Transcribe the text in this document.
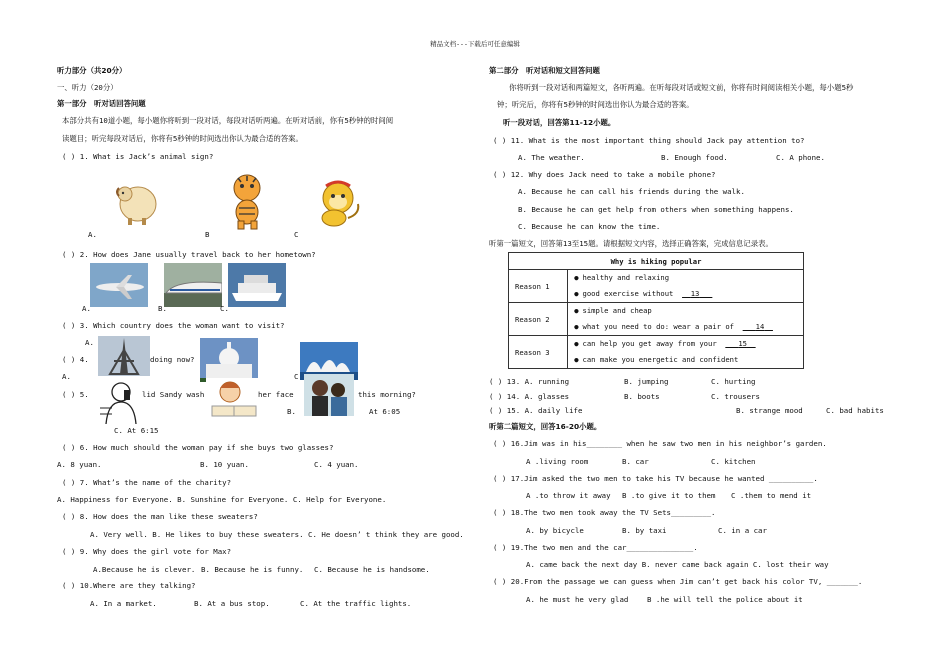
精品文档---下载后可任意编辑
听力部分（共20分）
一、听力（20分）
第一部分　听对话回答问题
本部分共有10道小题，每小题你将听到一段对话，每段对话听两遍。在听对话前，你有5秒钟的时间阅
读题目；听完每段对话后，你将有5秒钟的时间选出你认为最合适的答案。
( ) 1. What is Jack’s animal sign?
A.	B	C
( ) 2. How does Jane usually travel back to her hometown?
A.	B.	C.
( ) 3. Which country does the woman want to visit?
A.
( ) 4.	doing now?
A.	C
( ) 5.	lid Sandy wash	her face	this morning?
B.	At 6:05
C. At 6:15
( ) 6. How much should the woman pay if she buys two glasses?
A. 8 yuan.	B. 10 yuan.	C. 4 yuan.
( ) 7. What’s the name of the charity?
A. Happiness for Everyone. B. Sunshine for Everyone. C. Help for Everyone.
( ) 8. How does the man like these sweaters?
A. Very well. B. He likes to buy these sweaters. C. He doesn’ t think they are good.
( ) 9. Why does the girl vote for Max?
A.Because he is clever. B. Because he is funny. C. Because he is handsome.
( ) 10.Where are they talking?
A. In a market.	B. At a bus stop.	C. At the traffic lights.
第二部分　听对话和短文回答问题
你将听到一段对话和两篇短文，各听两遍。在听每段对话或短文前，你将有时间阅读相关小题，每小题5秒
钟；听完后，你将有5秒钟的时间选出你认为最合适的答案。
听一段对话，回答第11-12小题。
( ) 11. What is the most important thing should Jack pay attention to?
A. The weather.	B. Enough food.	C. A phone.
( ) 12. Why does Jack need to take a mobile phone?
A. Because he can call his friends during the walk.
B. Because he can get help from others when something happens.
C. Because he can know the time.
听第一篇短文，回答第13至15题。请根据短文内容，选择正确答案，完成信息记录表。
Why is hiking popular	
Reason 1	● healthy and relaxing
● good exercise without 13

Reason 2	● simple and cheap
● what you need to do: wear a pair of 14

Reason 3	● can help you get away from your 15
● can make you energetic and confident
( ) 13. A. running	B. jumping	C. hurting
( ) 14. A. glasses	B. boots	C. trousers
( ) 15. A. daily life	B. strange mood	C. bad habits
听第二篇短文，回答16-20小题。
( ) 16.Jim was in his________ when he saw two men in his neighbor’s garden.
A .living room	B. car	C. kitchen
( ) 17.Jim asked the two men to take his TV because he wanted __________.
A .to throw it away B .to give it to them C .them to mend it
( ) 18.The two men took away the TV Sets_________.
A. by bicycle	B. by taxi	C. in a car
( ) 19.The two men and the car_______________.
A. came back the next day B. never came back again C. lost their way
( ) 20.From the passage we can guess when Jim can’t get back his color TV, _______.
A. he must he very glad	B .he will tell the police about it
